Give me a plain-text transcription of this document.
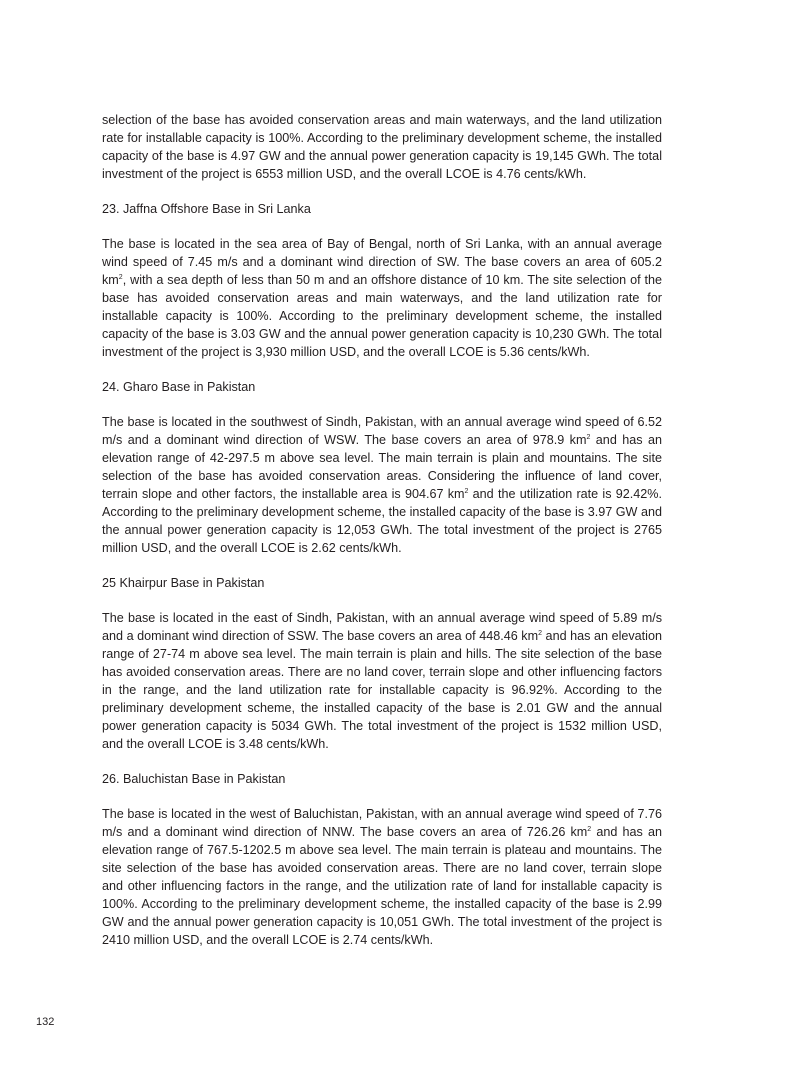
selection of the base has avoided conservation areas and main waterways, and the land utilization rate for installable capacity is 100%. According to the preliminary development scheme, the installed capacity of the base is 4.97 GW and the annual power generation capacity is 19,145 GWh. The total investment of the project is 6553 million USD, and the overall LCOE is 4.76 cents/kWh.

23. Jaffna Offshore Base in Sri Lanka

The base is located in the sea area of Bay of Bengal, north of Sri Lanka, with an annual average wind speed of 7.45 m/s and a dominant wind direction of SW. The base covers an area of 605.2 $km^2$, with a sea depth of less than 50 m and an offshore distance of 10 km. The site selection of the base has avoided conservation areas and main waterways, and the land utilization rate for installable capacity is 100%. According to the preliminary development scheme, the installed capacity of the base is 3.03 GW and the annual power generation capacity is 10,230 GWh. The total investment of the project is 3,930 million USD, and the overall LCOE is 5.36 cents/kWh.

24. Gharo Base in Pakistan

The base is located in the southwest of Sindh, Pakistan, with an annual average wind speed of 6.52 m/s and a dominant wind direction of WSW. The base covers an area of 978.9 $km^2$ and has an elevation range of 42-297.5 m above sea level. The main terrain is plain and mountains. The site selection of the base has avoided conservation areas. Considering the influence of land cover, terrain slope and other factors, the installable area is 904.67 $km^2$ and the utilization rate is 92.42%. According to the preliminary development scheme, the installed capacity of the base is 3.97 GW and the annual power generation capacity is 12,053 GWh. The total investment of the project is 2765 million USD, and the overall LCOE is 2.62 cents/kWh.

25 Khairpur Base in Pakistan

The base is located in the east of Sindh, Pakistan, with an annual average wind speed of 5.89 m/s and a dominant wind direction of SSW. The base covers an area of 448.46 $km^2$ and has an elevation range of 27-74 m above sea level. The main terrain is plain and hills. The site selection of the base has avoided conservation areas. There are no land cover, terrain slope and other influencing factors in the range, and the land utilization rate for installable capacity is 96.92%. According to the preliminary development scheme, the installed capacity of the base is 2.01 GW and the annual power generation capacity is 5034 GWh. The total investment of the project is 1532 million USD, and the overall LCOE is 3.48 cents/kWh.

26. Baluchistan Base in Pakistan

The base is located in the west of Baluchistan, Pakistan, with an annual average wind speed of 7.76 m/s and a dominant wind direction of NNW. The base covers an area of 726.26 $km^2$ and has an elevation range of 767.5-1202.5 m above sea level. The main terrain is plateau and mountains. The site selection of the base has avoided conservation areas. There are no land cover, terrain slope and other influencing factors in the range, and the utilization rate of land for installable capacity is 100%. According to the preliminary development scheme, the installed capacity of the base is 2.99 GW and the annual power generation capacity is 10,051 GWh. The total investment of the project is 2410 million USD, and the overall LCOE is 2.74 cents/kWh.

132
